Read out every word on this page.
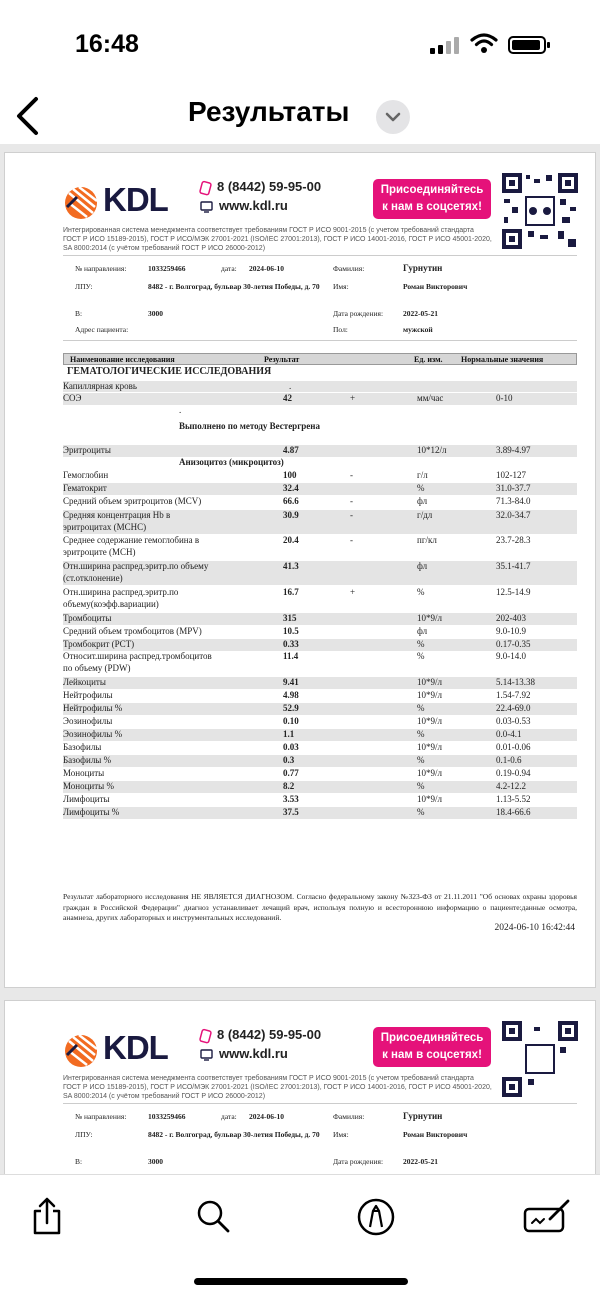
16:48
Результаты
KDL	8 (8442) 59-95-00
www.kdl.ru
Присоединяйтесь
к нам в соцсетях!
Интегрированная система менеджмента соответствует требованиям ГОСТ Р ИСО 9001-2015 (с учетом требований стандарта ГОСТ Р ИСО 15189-2015), ГОСТ Р ИСО/МЭК 27001-2021 (ISO/IEC 27001:2013), ГОСТ Р ИСО 14001-2016, ГОСТ Р ИСО 45001-2020, SA 8000:2014 (с учётом требований ГОСТ Р ИСО 26000-2012)
№ направления:	1033259466	дата: 2024-06-10	Фамилия:	Гурнутин
ЛПУ:	8482 - г. Волгоград, бульвар 30-летия Победы, д. 70	Имя:	Роман Викторович
В:	3000	Дата рождения:	2022-05-21
Адрес пациента:	Пол:	мужской
Наименование исследования	Результат	Ед. изм. Нормальные значения
ГЕМАТОЛОГИЧЕСКИЕ ИССЛЕДОВАНИЯ
Капиллярная кровь	.
.
Выполнено по методу Вестергрена
Анизоцитоз (микроцитоз)
СОЭ	42	+	мм/час	0-10
Эритроциты	4.87	10*12/л	3.89-4.97
Гемоглобин	100	-	г/л	102-127
Гематокрит	32.4	%	31.0-37.7
Средний объем эритроцитов (MCV)	66.6	-	фл	71.3-84.0
Средняя концентрация Hb в
эритроцитах (MCHC)
30.9	-	г/дл	32.0-34.7
Среднее содержание гемоглобина в
эритроците (MCH)
20.4	-	пг/кл	23.7-28.3
Отн.ширина распред.эритр.по объему
(ст.отклонение)
41.3	фл	35.1-41.7
Отн.ширина распред.эритр.по
объему(коэфф.вариации)
16.7	+	%	12.5-14.9
Тромбоциты	315	10*9/л	202-403
Средний объем тромбоцитов (MPV)	10.5	фл	9.0-10.9
Тромбокрит (PCT)	0.33	%	0.17-0.35
Относит.ширина распред.тромбоцитов
по объему (PDW)
11.4	%	9.0-14.0
Лейкоциты	9.41	10*9/л	5.14-13.38
Нейтрофилы	4.98	10*9/л	1.54-7.92
Нейтрофилы %	52.9	%	22.4-69.0
Эозинофилы	0.10	10*9/л	0.03-0.53
Эозинофилы %	1.1	%	0.0-4.1
Базофилы	0.03	10*9/л	0.01-0.06
Базофилы %	0.3	%	0.1-0.6
Моноциты	0.77	10*9/л	0.19-0.94
Моноциты %	8.2	%	4.2-12.2
Лимфоциты	3.53	10*9/л	1.13-5.52
Лимфоциты %	37.5	%	18.4-66.6
Результат лабораторного исследования НЕ ЯВЛЯЕТСЯ ДИАГНОЗОМ. Согласно федеральному закону №323-ФЗ от 21.11.2011 "Об основах охраны здоровья граждан в Российской Федерации" диагноз устанавливает лечащий врач, используя полную и всестороннюю информацию о пациенте:данные осмотра, анамнеза, других лабораторных и инструментальных исследований.
2024-06-10 16:42:44
KDL	8 (8442) 59-95-00
www.kdl.ru
Присоединяйтесь
к нам в соцсетях!
Интегрированная система менеджмента соответствует требованиям ГОСТ Р ИСО 9001-2015 (с учетом требований стандарта ГОСТ Р ИСО 15189-2015), ГОСТ Р ИСО/МЭК 27001-2021 (ISO/IEC 27001:2013), ГОСТ Р ИСО 14001-2016, ГОСТ Р ИСО 45001-2020, SA 8000:2014 (с учётом требований ГОСТ Р ИСО 26000-2012)
№ направления:	1033259466	дата: 2024-06-10	Фамилия:	Гурнутин
ЛПУ:	8482 - г. Волгоград, бульвар 30-летия Победы, д. 70	Имя:	Роман Викторович
В:	3000	Дата рождения:	2022-05-21
